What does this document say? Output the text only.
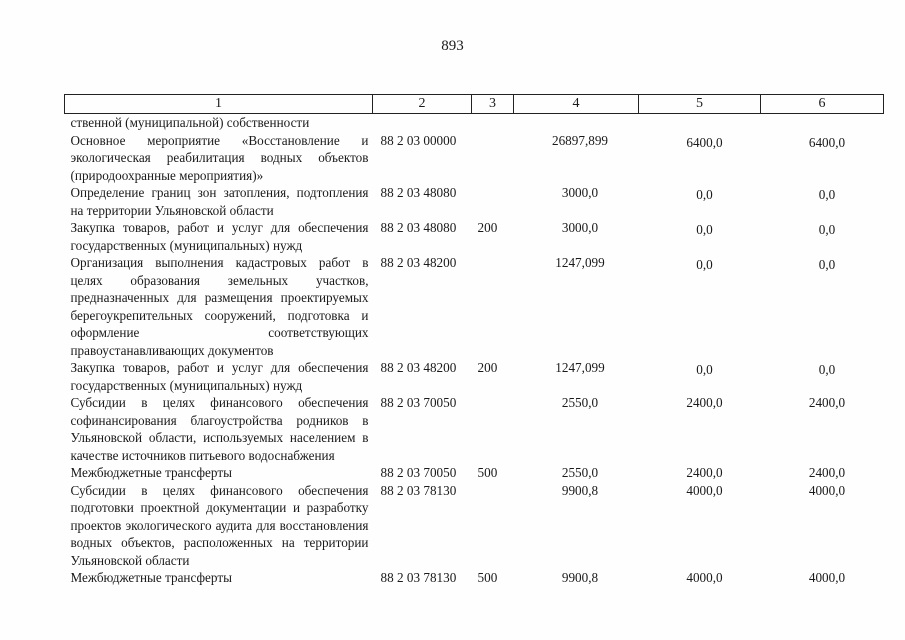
893
1	2	3	4	5	6
ственной (муниципальной) собственности					
Основное мероприятие «Восстановление и экологическая реабилитация водных объектов (природоохранные мероприятия)»	88 2 03 00000		26897,899	6400,0	6400,0
Определение границ зон затопления, подтопления на территории Ульяновской области	88 2 03 48080		3000,0	0,0	0,0
Закупка товаров, работ и услуг для обеспечения государственных (муниципальных) нужд	88 2 03 48080	200	3000,0	0,0	0,0
Организация выполнения кадастровых работ в целях образования земельных участков, предназначенных для размещения проектируемых берегоукрепительных сооружений, подготовка и оформление соответствующих правоустанавливающих документов	88 2 03 48200		1247,099	0,0	0,0
Закупка товаров, работ и услуг для обеспечения государственных (муниципальных) нужд	88 2 03 48200	200	1247,099	0,0	0,0
Субсидии в целях финансового обеспечения софинансирования благоустройства родников в Ульяновской области, используемых населением в качестве источников питьевого водоснабжения	88 2 03 70050		2550,0	2400,0	2400,0
Межбюджетные трансферты	88 2 03 70050	500	2550,0	2400,0	2400,0
Субсидии в целях финансового обеспечения подготовки проектной документации и разработку проектов экологического аудита для восстановления водных объектов, расположенных на территории Ульяновской области	88 2 03 78130		9900,8	4000,0	4000,0
Межбюджетные трансферты	88 2 03 78130	500	9900,8	4000,0	4000,0
